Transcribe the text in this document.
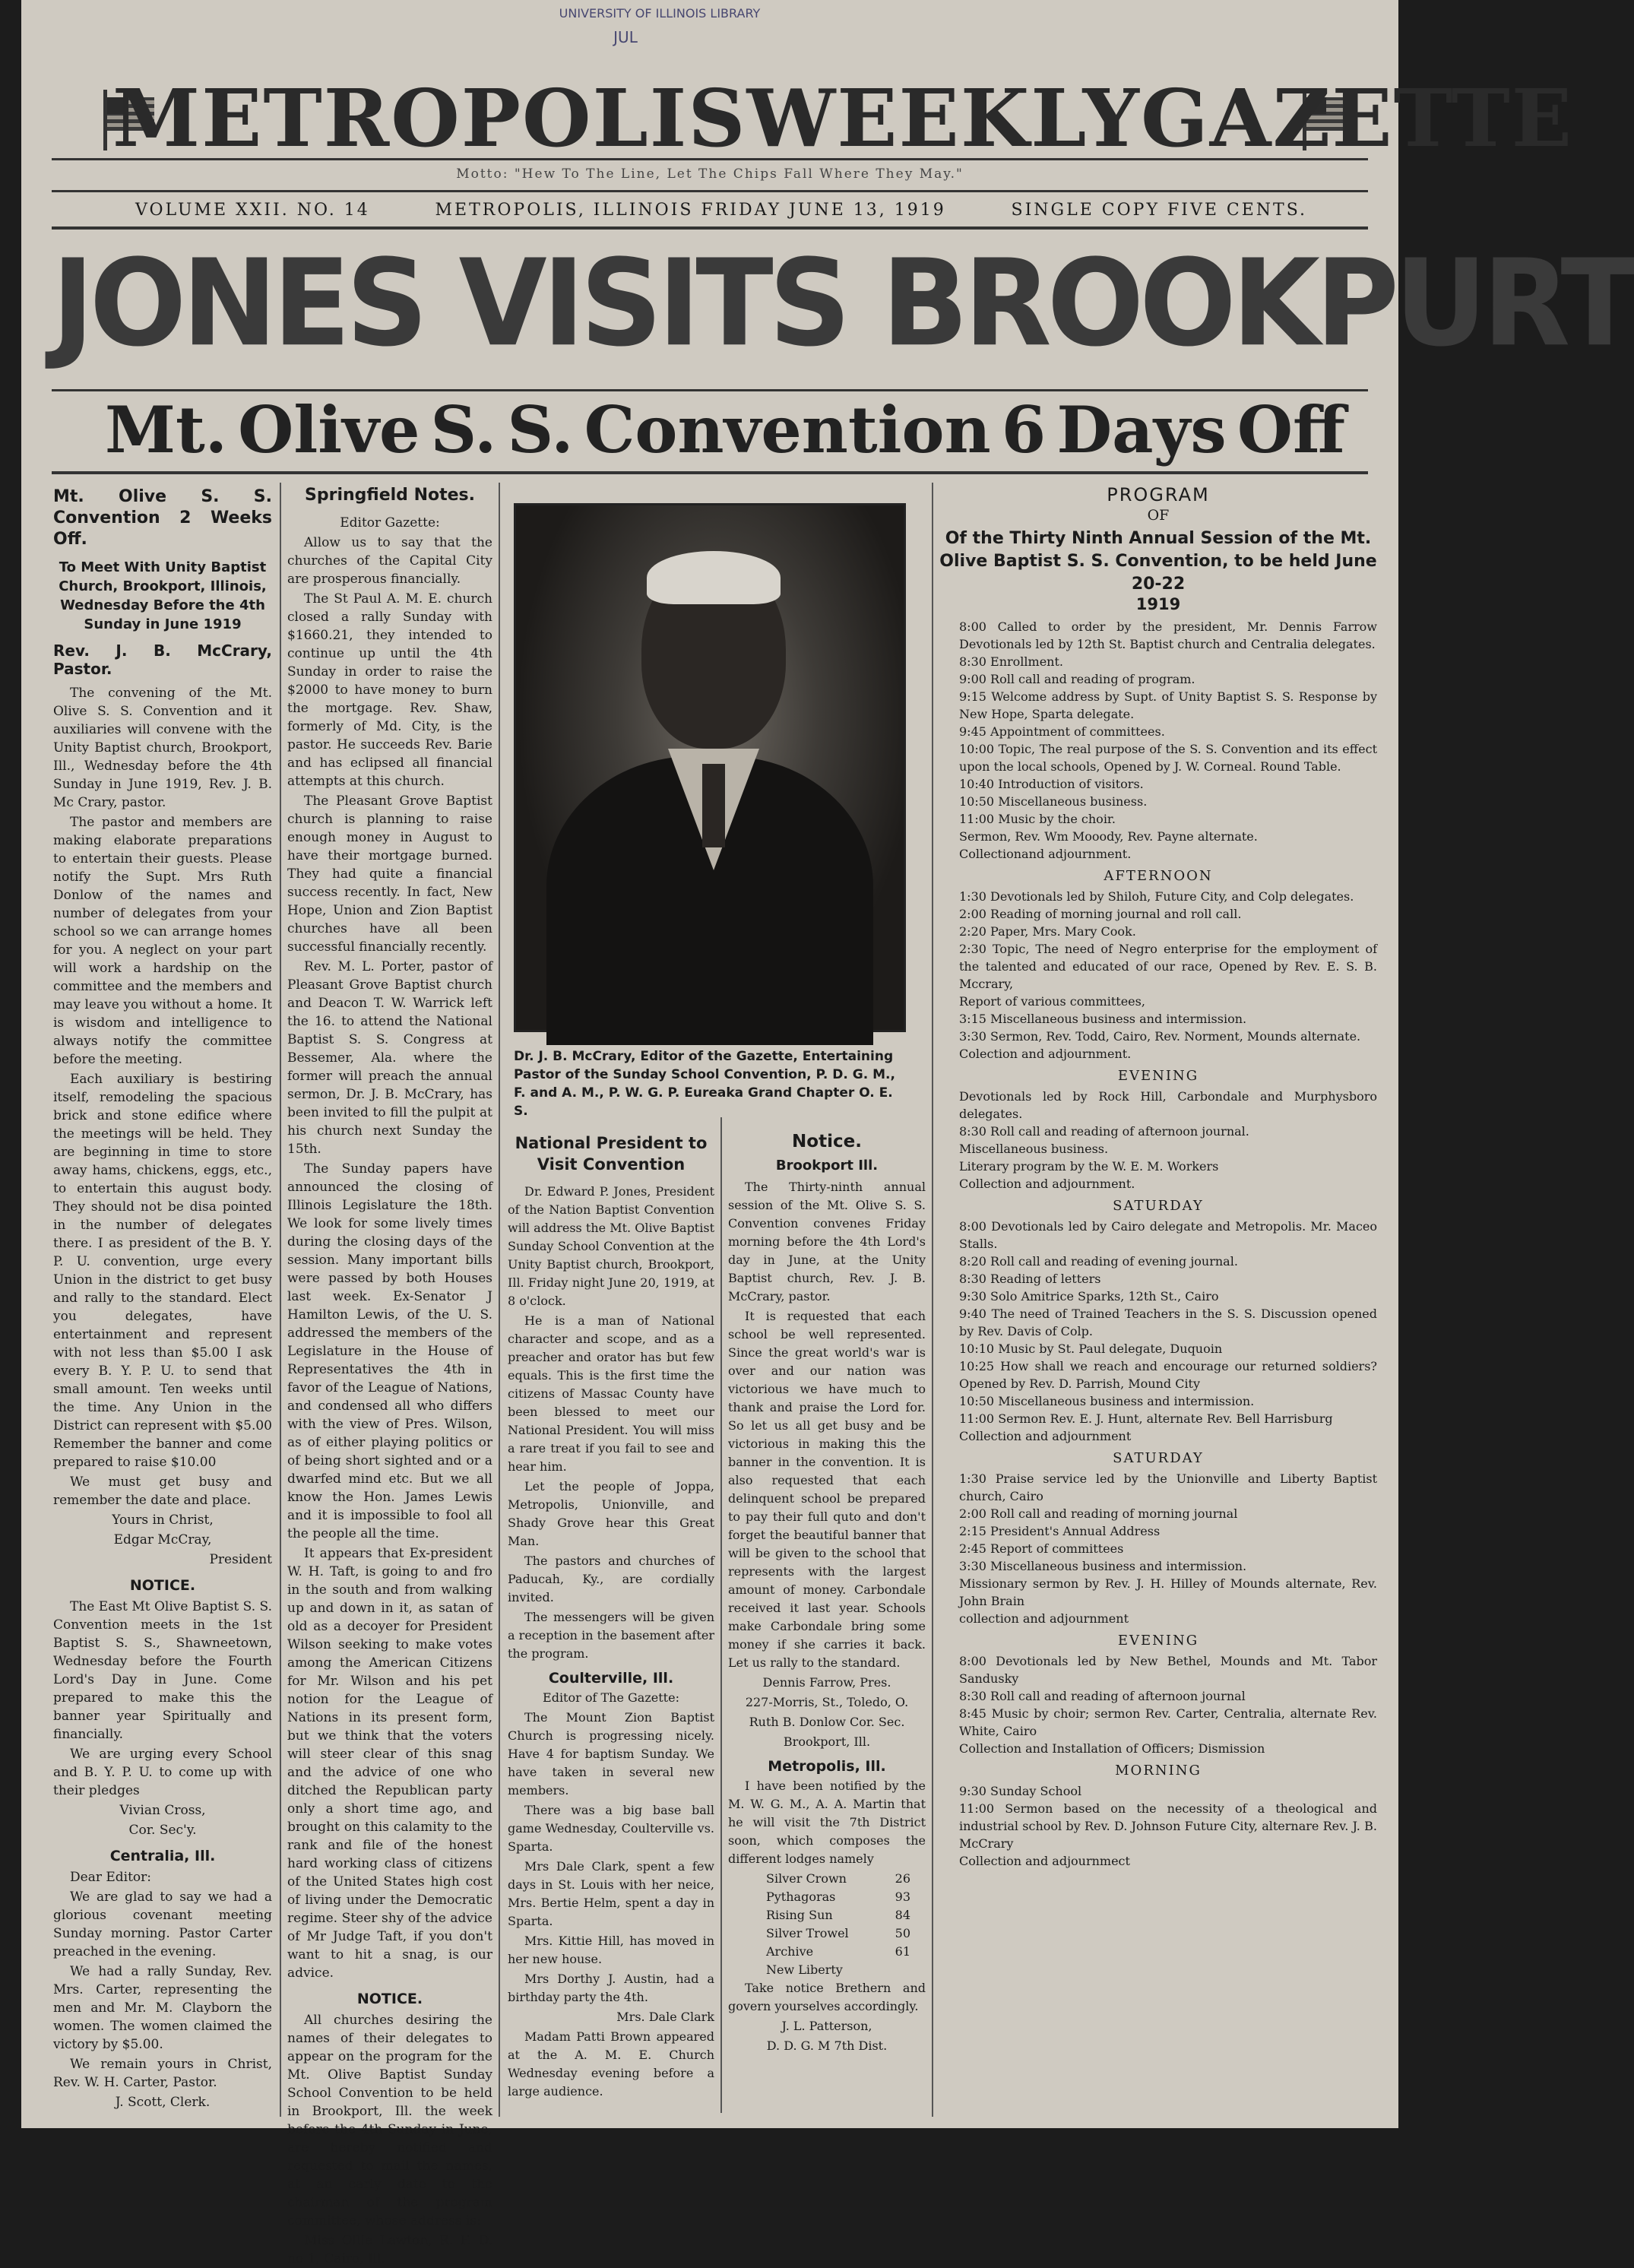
UNIVERSITY OF ILLINOIS LIBRARY
JUL
METROPOLIS WEEKLY GAZETTE
Motto: "Hew To The Line, Let The Chips Fall Where They May."
VOLUME XXII. NO. 14	METROPOLIS, ILLINOIS FRIDAY JUNE 13, 1919	SINGLE COPY FIVE CENTS.
JONES VISITS BROOKPURT
Mt. Olive S. S. Convention 6 Days Off
Mt. Olive S. S. Convention 2 Weeks Off.
To Meet With Unity Baptist Church, Brookport, Illinois, Wednesday Before the 4th Sunday in June 1919
Rev. J. B. McCrary, Pastor.

The convening of the Mt. Olive S. S. Convention and it auxiliaries will convene with the Unity Baptist church, Brookport, Ill., Wednesday before the 4th Sunday in June 1919, Rev. J. B. Mc Crary, pastor.

The pastor and members are making elaborate preparations to entertain their guests. Please notify the Supt. Mrs Ruth Donlow of the names and number of delegates from your school so we can arrange homes for you. A neglect on your part will work a hardship on the committee and the members and may leave you without a home. It is wisdom and intelligence to always notify the committee before the meeting.

Each auxiliary is bestiring itself, remodeling the spacious brick and stone edifice where the meetings will be held. They are beginning in time to store away hams, chickens, eggs, etc., to entertain this august body. They should not be disa pointed in the number of delegates there. I as president of the B. Y. P. U. convention, urge every Union in the district to get busy and rally to the standard. Elect you delegates, have entertainment and represent with not less than $5.00 I ask every B. Y. P. U. to send that small amount. Ten weeks until the time. Any Union in the District can represent with $5.00 Remember the banner and come prepared to raise $10.00

We must get busy and remember the date and place.

Yours in Christ,

Edgar McCray,

President

NOTICE.

The East Mt Olive Baptist S. S. Convention meets in the 1st Baptist S. S., Shawneetown, Wednesday before the Fourth Lord's Day in June. Come prepared to make this the banner year Spiritually and financially.

We are urging every School and B. Y. P. U. to come up with their pledges

Vivian Cross,

Cor. Sec'y.

Centralia, Ill.

Dear Editor:

We are glad to say we had a glorious covenant meeting Sunday morning. Pastor Carter preached in the evening.

We had a rally Sunday, Rev. Mrs. Carter, representing the men and Mr. M. Clayborn the women. The women claimed the victory by $5.00.

We remain yours in Christ, Rev. W. H. Carter, Pastor.

J. Scott, Clerk.

Springfield Notes.

Editor Gazette:

Allow us to say that the churches of the Capital City are prosperous financially.

The St Paul A. M. E. church closed a rally Sunday with $1660.21, they intended to continue up until the 4th Sunday in order to raise the $2000 to have money to burn the mortgage. Rev. Shaw, formerly of Md. City, is the pastor. He succeeds Rev. Barie and has eclipsed all financial attempts at this church.

The Pleasant Grove Baptist church is planning to raise enough money in August to have their mortgage burned. They had quite a financial success recently. In fact, New Hope, Union and Zion Baptist churches have all been successful financially recently.

Rev. M. L. Porter, pastor of Pleasant Grove Baptist church and Deacon T. W. Warrick left the 16. to attend the National Baptist S. S. Congress at Bessemer, Ala. where the former will preach the annual sermon, Dr. J. B. McCrary, has been invited to fill the pulpit at his church next Sunday the 15th.

The Sunday papers have announced the closing of Illinois Legislature the 18th. We look for some lively times during the closing days of the session. Many important bills were passed by both Houses last week. Ex-Senator J Hamilton Lewis, of the U. S. addressed the members of the Legislature in the House of Representatives the 4th in favor of the League of Nations, and condensed all who differs with the view of Pres. Wilson, as of either playing politics or of being short sighted and or a dwarfed mind etc. But we all know the Hon. James Lewis and it is impossible to fool all the people all the time.

It appears that Ex-president W. H. Taft, is going to and fro in the south and from walking up and down in it, as satan of old as a decoyer for President Wilson seeking to make votes among the American Citizens for Mr. Wilson and his pet notion for the League of Nations in its present form, but we think that the voters will steer clear of this snag and the advice of one who ditched the Republican party only a short time ago, and brought on this calamity to the rank and file of the honest hard working class of citizens of the United States high cost of living under the Democratic regime. Steer shy of the advice of Mr Judge Taft, if you don't want to hit a snag, is our advice.

NOTICE.

All churches desiring the names of their delegates to appear on the program for the Mt. Olive Baptist Sunday School Convention to be held in Brookport, Ill. the week before the 4th Sunday in June, are hereby notified and requested to mail the names, at an early date to the chairman of the program committee, whose address is:

Miss Ollie Lawton, R. F. D. no 1, Cairo, Ill.

Dr. J. B. McCrary, Editor of the Gazette, Entertaining Pastor of the Sunday School Convention, P. D. G. M., F. and A. M., P. W. G. P. Eureaka Grand Chapter O. E. S.
National President to Visit Convention

Dr. Edward P. Jones, President of the Nation Baptist Convention will address the Mt. Olive Baptist Sunday School Convention at the Unity Baptist church, Brookport, Ill. Friday night June 20, 1919, at 8 o'clock.

He is a man of National character and scope, and as a preacher and orator has but few equals. This is the first time the citizens of Massac County have been blessed to meet our National President. You will miss a rare treat if you fail to see and hear him.

Let the people of Joppa, Metropolis, Unionville, and Shady Grove hear this Great Man.

The pastors and churches of Paducah, Ky., are cordially invited.

The messengers will be given a reception in the basement after the program.

Coulterville, Ill.

Editor of The Gazette:

The Mount Zion Baptist Church is progressing nicely. Have 4 for baptism Sunday. We have taken in several new members.

There was a big base ball game Wednesday, Coulterville vs. Sparta.

Mrs Dale Clark, spent a few days in St. Louis with her neice, Mrs. Bertie Helm, spent a day in Sparta.

Mrs. Kittie Hill, has moved in her new house.

Mrs Dorthy J. Austin, had a birthday party the 4th.

Mrs. Dale Clark

Madam Patti Brown appeared at the A. M. E. Church Wednesday evening before a large audience.

Notice.
Brookport Ill.

The Thirty-ninth annual session of the Mt. Olive S. S. Convention convenes Friday morning before the 4th Lord's day in June, at the Unity Baptist church, Rev. J. B. McCrary, pastor.

It is requested that each school be well represented. Since the great world's war is over and our nation was victorious we have much to thank and praise the Lord for. So let us all get busy and be victorious in making this the banner in the convention. It is also requested that each delinquent school be prepared to pay their full quto and don't forget the beautiful banner that will be given to the school that represents with the largest amount of money. Carbondale received it last year. Schools make Carbondale bring some money if she carries it back. Let us rally to the standard.

Dennis Farrow, Pres.

227-Morris, St., Toledo, O.

Ruth B. Donlow Cor. Sec.

Brookport, Ill.

Metropolis, Ill.

I have been notified by the M. W. G. M., A. A. Martin that he will visit the 7th District soon, which composes the different lodges namely

Silver Crown	26
Pythagoras	93
Rising Sun	84
Silver Trowel	50
Archive	61
New Liberty

Take notice Brethern and govern yourselves accordingly.

J. L. Patterson,

D. D. G. M 7th Dist.

PROGRAM
OF
Of the Thirty Ninth Annual Session of the Mt. Olive Baptist S. S. Convention, to be held June 20-22
1919

8:00 Called to order by the president, Mr. Dennis Farrow Devotionals led by 12th St. Baptist church and Centralia delegates.

8:30 Enrollment.

9:00 Roll call and reading of program.

9:15 Welcome address by Supt. of Unity Baptist S. S. Response by New Hope, Sparta delegate.

9:45 Appointment of committees.

10:00 Topic, The real purpose of the S. S. Convention and its effect upon the local schools, Opened by J. W. Corneal. Round Table.

10:40 Introduction of visitors.

10:50 Miscellaneous business.

11:00 Music by the choir.

Sermon, Rev. Wm Mooody, Rev. Payne alternate.

Collectionand adjournment.

AFTERNOON

1:30 Devotionals led by Shiloh, Future City, and Colp delegates.

2:00 Reading of morning journal and roll call.

2:20 Paper, Mrs. Mary Cook.

2:30 Topic, The need of Negro enterprise for the employment of the talented and educated of our race, Opened by Rev. E. S. B. Mccrary,

Report of various committees,

3:15 Miscellaneous business and intermission.

3:30 Sermon, Rev. Todd, Cairo, Rev. Norment, Mounds alternate.

Colection and adjournment.

EVENING

Devotionals led by Rock Hill, Carbondale and Murphysboro delegates.

8:30 Roll call and reading of afternoon journal.

Miscellaneous business.

Literary program by the W. E. M. Workers

Collection and adjournment.

SATURDAY

8:00 Devotionals led by Cairo delegate and Metropolis. Mr. Maceo Stalls.

8:20 Roll call and reading of evening journal.

8:30 Reading of letters

9:30 Solo Amitrice Sparks, 12th St., Cairo

9:40 The need of Trained Teachers in the S. S. Discussion opened by Rev. Davis of Colp.

10:10 Music by St. Paul delegate, Duquoin

10:25 How shall we reach and encourage our returned soldiers? Opened by Rev. D. Parrish, Mound City

10:50 Miscellaneous business and intermission.

11:00 Sermon Rev. E. J. Hunt, alternate Rev. Bell Harrisburg

Collection and adjournment

SATURDAY

1:30 Praise service led by the Unionville and Liberty Baptist church, Cairo

2:00 Roll call and reading of morning journal

2:15 President's Annual Address

2:45 Report of committees

3:30 Miscellaneous business and intermission.

Missionary sermon by Rev. J. H. Hilley of Mounds alternate, Rev. John Brain

collection and adjournment

EVENING

8:00 Devotionals led by New Bethel, Mounds and Mt. Tabor Sandusky

8:30 Roll call and reading of afternoon journal

8:45 Music by choir; sermon Rev. Carter, Centralia, alternate Rev. White, Cairo

Collection and Installation of Officers; Dismission

MORNING

9:30 Sunday School

11:00 Sermon based on the necessity of a theological and industrial school by Rev. D. Johnson Future City, alternare Rev. J. B. McCrary

Collection and adjournmect
